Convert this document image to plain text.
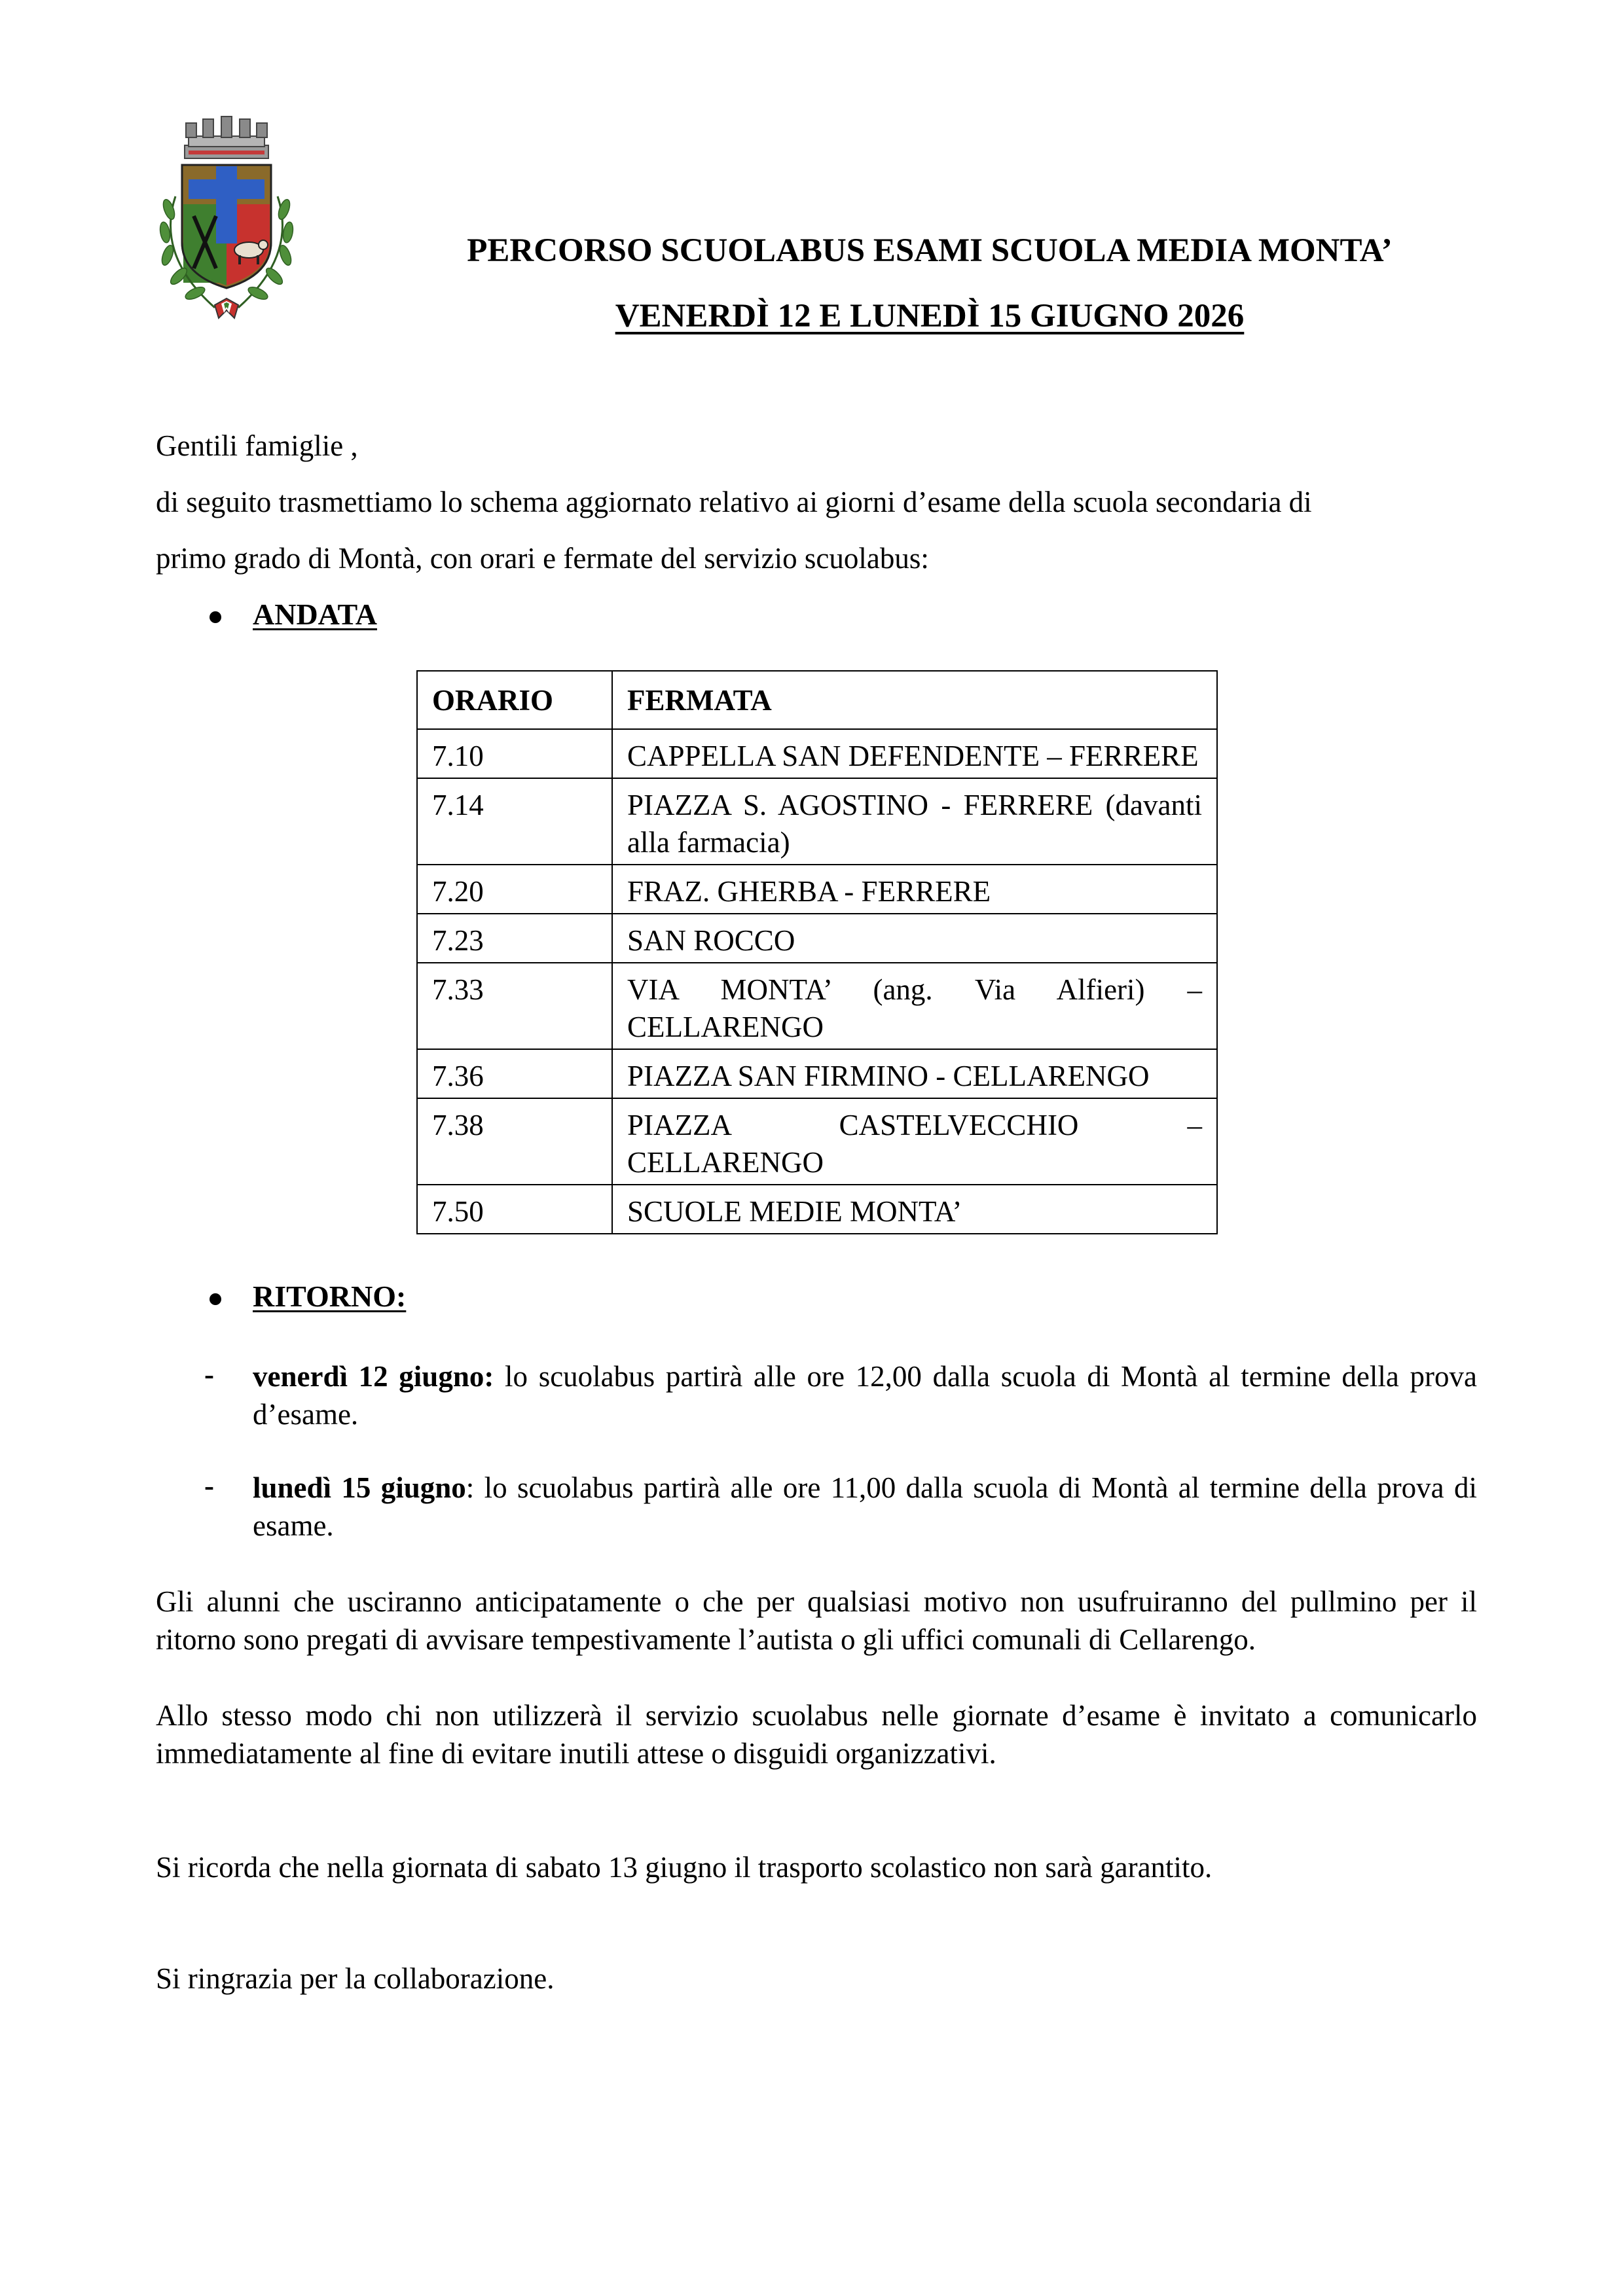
PERCORSO SCUOLABUS ESAMI SCUOLA MEDIA MONTA’
VENERDÌ 12 E LUNEDÌ 15 GIUGNO 2026
Gentili famiglie ,
di seguito trasmettiamo lo schema aggiornato relativo ai giorni d’esame della scuola secondaria di
primo grado di Montà, con orari e fermate del servizio scuolabus:
ANDATA
ORARIO	FERMATA
7.10	CAPPELLA SAN DEFENDENTE – FERRERE
7.14	PIAZZA S. AGOSTINO - FERRERE (davanti alla farmacia)
7.20	FRAZ. GHERBA - FERRERE
7.23	SAN ROCCO
7.33	VIA MONTA’ (ang. Via Alfieri) – CELLARENGO
7.36	PIAZZA SAN FIRMINO - CELLARENGO
7.38	PIAZZA CASTELVECCHIO – CELLARENGO
7.50	SCUOLE MEDIE MONTA’
RITORNO:
- venerdì 12 giugno: lo scuolabus partirà alle ore 12,00 dalla scuola di Montà al termine della prova d’esame.
- lunedì 15 giugno: lo scuolabus partirà alle ore 11,00 dalla scuola di Montà al termine della prova di esame.
Gli alunni che usciranno anticipatamente o che per qualsiasi motivo non usufruiranno del pullmino per il ritorno sono pregati di avvisare tempestivamente l’autista o gli uffici comunali di Cellarengo.
Allo stesso modo chi non utilizzerà il servizio scuolabus nelle giornate d’esame è invitato a comunicarlo immediatamente al fine di evitare inutili attese o disguidi organizzativi.
Si ricorda che nella giornata di sabato 13 giugno il trasporto scolastico non sarà garantito.
Si ringrazia per la collaborazione.
